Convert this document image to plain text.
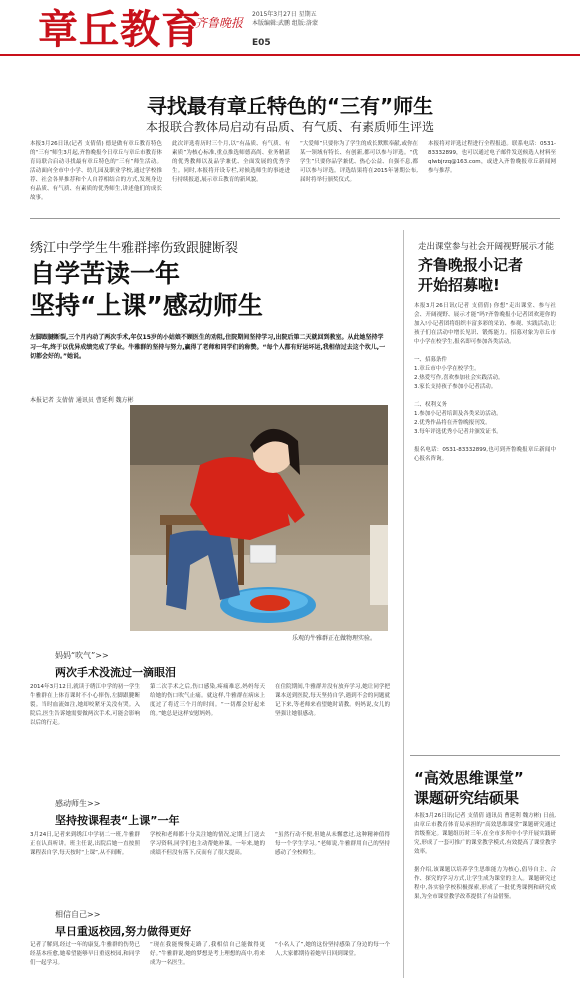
章丘教育
齐鲁晚报
2015年3月27日 星期五
本版编辑:武鹏 组版:洛蒙
E05
寻找最有章丘特色的“三有”师生
本报联合教体局启动有品质、有气质、有素质师生评选
本报3月26日讯(记者 支倩倩) 德是做有章丘教育特色的“三有”师生3月起,齐鲁晚报今日章丘与章丘市教育体育局联合启动寻找最有章丘特色的“三有”师生活动。活动面向全市中小学、幼儿园及职业学校,通过学校推荐、社会各界推荐和个人自荐相结合的方式,发现身边有品质、有气质、有素质的优秀师生,讲述他们的成长故事。
此次评选将历时三个月,以“有品质、有气质、有素质”为核心标准,重点推选师德高尚、业务精湛的优秀教师以及品学兼优、全面发展的优秀学生。同时,本报将开设专栏,对候选师生的事迹进行持续报道,展示章丘教育的新风貌。
“大爱师”只要你为了学生的成长默默奉献,或你在某一领域有特长、有创新,都可以参与评选。“优学生”只要你品学兼优、热心公益、自强不息,都可以参与评选。评选结果将在2015年暑期公布,届时将举行颁奖仪式。
本报将对评选过程进行全程报道。联系电话：0531-83332899，也可以通过电子邮件发送候选人材料至qlwbjrzq@163.com，或进入齐鲁晚报章丘新闻网参与推荐。
绣江中学学生牛雅群摔伤致跟腱断裂
自学苦读一年
坚持“上课”感动师生
左脚跟腱断裂,三个月内动了两次手术,年仅15岁的小姑娘不顾医生的劝阻,住院期间坚持学习,出院后第二天就回到教室。从此她坚持学习一年,终于以优异成绩完成了学业。牛雅群的坚持与努力,赢得了老师和同学们的称赞。“每个人都有好运坏运,我相信过去这个坎儿,一切都会好的。”她说。
本报记者 支倩倩 通讯员 曹延利 魏方彬
乐观的牛雅群正在做物理实验。
妈妈“吹气”>>
两次手术没流过一滴眼泪
2014年3月12日,就读于绣江中学的初一学生牛雅群在上体育课时不小心摔伤,左脚跟腱断裂。当时血流如注,她却咬紧牙关没有哭。入院后,医生告诉她需要做两次手术,可能会影响以后的行走。
第二次手术之后,伤口感染,疼痛难忍,妈妈每天给她的伤口吹气止痛。就这样,牛雅群在病床上度过了将近三个月的时间。“一切都会好起来的。”她总是这样安慰妈妈。
在住院期间,牛雅群并没有放弃学习,她让同学把课本送到医院,每天坚持自学,遇到不会的问题就记下来,等老师来看望她时请教。妈妈说,女儿的坚强让她很感动。
感动师生>>
坚持按课程表“上课”一年
3月24日,记者来到绣江中学初二一班,牛雅群正在认真听讲。班主任说,出院后她一直按照课程表自学,每天按时“上课”,从不间断。
学校和老师都十分关注她的情况,定期上门送去学习资料,同学们也主动帮她补课。一年来,她的成绩不但没有落下,反而有了很大提高。
“虽然行动不便,但她从未懈怠过,这种精神值得每一个学生学习。”老师说,牛雅群用自己的坚持感动了全校师生。
相信自己>>
早日重返校园,努力做得更好
记者了解到,经过一年的康复,牛雅群的伤势已经基本痊愈,她希望能够早日重返校园,和同学们一起学习。
“现在我能慢慢走路了,我相信自己能做得更好。”牛雅群说,她的梦想是考上理想的高中,将来成为一名医生。
“小名人了”,她的这份坚持感染了身边的每一个人,大家都期待着她早日回到课堂。
走出课堂参与社会开阔视野展示才能
齐鲁晚报小记者
开始招募啦!
本报3月26日讯(记者 支倩倩) 你想“走出课堂、参与社会、开阔视野、展示才能”吗?齐鲁晚报小记者团欢迎你的加入!小记者团将组织丰富多彩的采访、参观、实践活动,让孩子们在活动中增长见识、锻炼能力。招募对象为章丘市中小学在校学生,报名即可参加各类活动。

一、招募条件
1.章丘市中小学在校学生。
2.热爱写作,喜欢参加社会实践活动。
3.家长支持孩子参加小记者活动。

二、权利义务
1.参加小记者培训及各类采访活动。
2.优秀作品将在齐鲁晚报刊发。
3.每年评选优秀小记者并颁发证书。

报名电话：0531-83332899,也可到齐鲁晚报章丘新闻中心报名咨询。
“高效思维课堂”
课题研究结硕果
本报3月26日讯(记者 支倩倩 通讯员 曹延利 魏方彬) 日前,由章丘市教育体育局承担的“高效思维课堂”课题研究通过省级鉴定。课题组历时三年,在全市多所中小学开展实践研究,形成了一套可推广的课堂教学模式,有效提高了课堂教学效率。

据介绍,该课题以培养学生思维能力为核心,倡导自主、合作、探究的学习方式,让学生成为课堂的主人。课题研究过程中,各实验学校积极探索,形成了一批优秀课例和研究成果,为全市课堂教学改革提供了有益借鉴。
